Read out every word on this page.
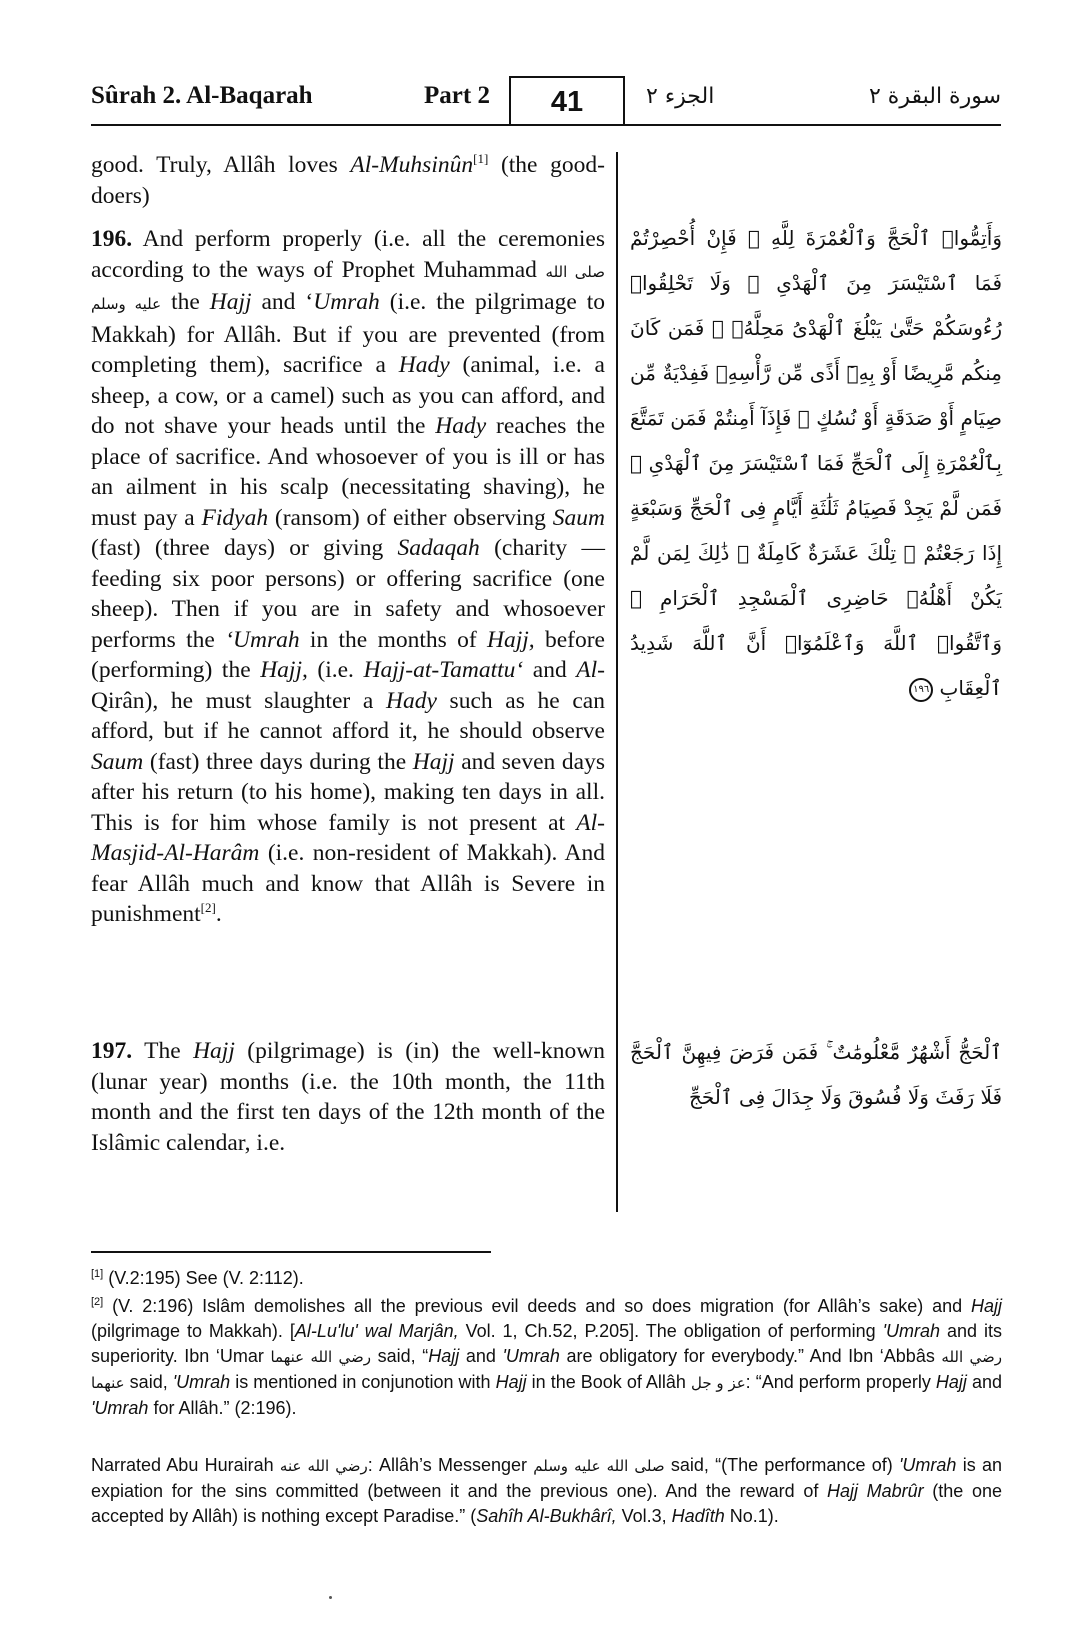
Sûrah 2. Al-Baqarah	Part 2	41	الجزء ٢	سورة البقرة ٢
good. Truly, Allâh loves Al-Muhsinûn[1] (the good-doers)
196. And perform properly (i.e. all the ceremonies according to the ways of Prophet Muhammad صلى الله عليه وسلم the Hajj and ‘Umrah (i.e. the pilgrimage to Makkah) for Allâh. But if you are prevented (from completing them), sacrifice a Hady (animal, i.e. a sheep, a cow, or a camel) such as you can afford, and do not shave your heads until the Hady reaches the place of sacrifice. And whosoever of you is ill or has an ailment in his scalp (necessitating shaving), he must pay a Fidyah (ransom) of either observing Saum (fast) (three days) or giving Sadaqah (charity — feeding six poor persons) or offering sacrifice (one sheep). Then if you are in safety and whosoever performs the ‘Umrah in the months of Hajj, before (performing) the Hajj, (i.e. Hajj-at-Tamattu‘ and Al-Qirân), he must slaughter a Hady such as he can afford, but if he cannot afford it, he should observe Saum (fast) three days during the Hajj and seven days after his return (to his home), making ten days in all. This is for him whose family is not present at Al-Masjid-Al-Harâm (i.e. non-resident of Makkah). And fear Allâh much and know that Allâh is Severe in punishment[2].
197. The Hajj (pilgrimage) is (in) the well-known (lunar year) months (i.e. the 10th month, the 11th month and the first ten days of the 12th month of the Islâmic calendar, i.e.
وَأَتِمُّوا۟ ٱلْحَجَّ وَٱلْعُمْرَةَ لِلَّهِ ۚ فَإِنْ أُحْصِرْتُمْ فَمَا ٱسْتَيْسَرَ مِنَ ٱلْهَدْىِ ۖ وَلَا تَحْلِقُوا۟ رُءُوسَكُمْ حَتَّىٰ يَبْلُغَ ٱلْهَدْىُ مَحِلَّهُۥ ۚ فَمَن كَانَ مِنكُم مَّرِيضًا أَوْ بِهِۦٓ أَذًى مِّن رَّأْسِهِۦ فَفِدْيَةٌ مِّن صِيَامٍ أَوْ صَدَقَةٍ أَوْ نُسُكٍ ۚ فَإِذَآ أَمِنتُمْ فَمَن تَمَتَّعَ بِٱلْعُمْرَةِ إِلَى ٱلْحَجِّ فَمَا ٱسْتَيْسَرَ مِنَ ٱلْهَدْىِ ۚ فَمَن لَّمْ يَجِدْ فَصِيَامُ ثَلَٰثَةِ أَيَّامٍ فِى ٱلْحَجِّ وَسَبْعَةٍ إِذَا رَجَعْتُمْ ۗ تِلْكَ عَشَرَةٌ كَامِلَةٌ ۗ ذَٰلِكَ لِمَن لَّمْ يَكُنْ أَهْلُهُۥ حَاضِرِى ٱلْمَسْجِدِ ٱلْحَرَامِ ۚ وَٱتَّقُوا۟ ٱللَّهَ وَٱعْلَمُوٓا۟ أَنَّ ٱللَّهَ شَدِيدُ ٱلْعِقَابِ ١٩٦
ٱلْحَجُّ أَشْهُرٌ مَّعْلُومَٰتٌ ۚ فَمَن فَرَضَ فِيهِنَّ ٱلْحَجَّ فَلَا رَفَثَ وَلَا فُسُوقَ وَلَا جِدَالَ فِى ٱلْحَجِّ
[1] (V.2:195) See (V. 2:112).
[2] (V. 2:196) Islâm demolishes all the previous evil deeds and so does migration (for Allâh’s sake) and Hajj (pilgrimage to Makkah). [Al-Lu'lu' wal Marjân, Vol. 1, Ch.52, P.205]. The obligation of performing 'Umrah and its superiority. Ibn ‘Umar رضي الله عنهما said, “Hajj and 'Umrah are obligatory for everybody.” And Ibn ‘Abbâs رضي الله عنهما said, 'Umrah is mentioned in conjunotion with Hajj in the Book of Allâh عز و جل: “And perform properly Hajj and 'Umrah for Allâh.” (2:196).
Narrated Abu Hurairah رضي الله عنه: Allâh’s Messenger صلى الله عليه وسلم said, “(The performance of) 'Umrah is an expiation for the sins committed (between it and the previous one). And the reward of Hajj Mabrûr (the one accepted by Allâh) is nothing except Paradise.” (Sahîh Al-Bukhârî, Vol.3, Hadîth No.1).
